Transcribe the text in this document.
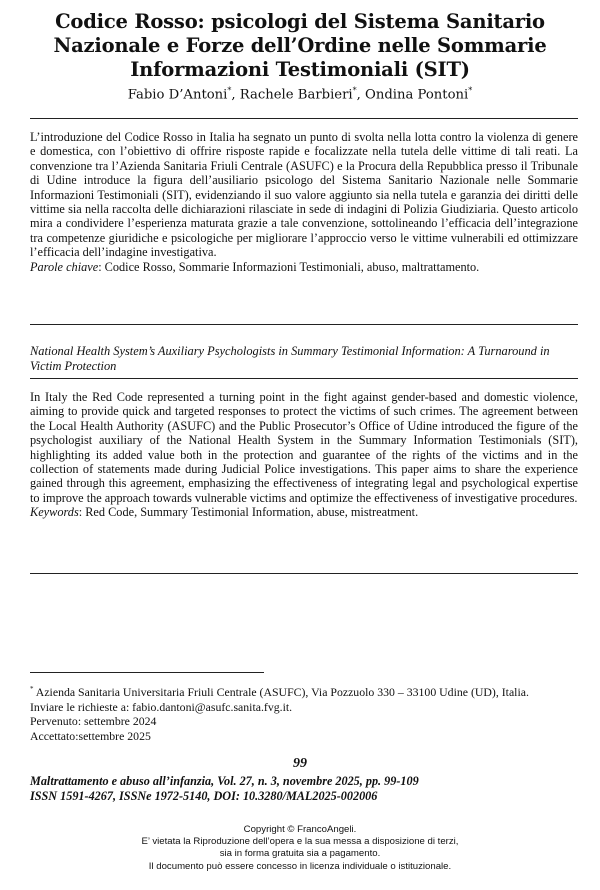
Codice Rosso: psicologi del Sistema Sanitario Nazionale e Forze dell’Ordine nelle Sommarie Informazioni Testimoniali (SIT)
Fabio D’Antoni*, Rachele Barbieri*, Ondina Pontoni*

L’introduzione del Codice Rosso in Italia ha segnato un punto di svolta nella lotta contro la violenza di genere e domestica, con l’obiettivo di offrire risposte rapide e focalizzate nella tutela delle vittime di tali reati. La convenzione tra l’Azienda Sanitaria Friuli Centrale (ASUFC) e la Procura della Repubblica presso il Tribunale di Udine introduce la figura dell’ausiliario psicologo del Sistema Sanitario Nazionale nelle Sommarie Informazioni Testimoniali (SIT), evidenziando il suo valore aggiunto sia nella tutela e garanzia dei diritti delle vittime sia nella raccolta delle dichiarazioni rilasciate in sede di indagini di Polizia Giudiziaria. Questo articolo mira a condividere l’esperienza maturata grazie a tale convenzione, sottolineando l’efficacia dell’integrazione tra competenze giuridiche e psicologiche per migliorare l’approccio verso le vittime vulnerabili ed ottimizzare l’efficacia dell’indagine investigativa.

Parole chiave: Codice Rosso, Sommarie Informazioni Testimoniali, abuso, maltrattamento.

National Health System’s Auxiliary Psychologists in Summary Testimonial Information: A Turnaround in Victim Protection

In Italy the Red Code represented a turning point in the fight against gender-based and domestic violence, aiming to provide quick and targeted responses to protect the victims of such crimes. The agreement between the Local Health Authority (ASUFC) and the Public Prosecutor’s Office of Udine introduced the figure of the psychologist auxiliary of the National Health System in the Summary Information Testimonials (SIT), highlighting its added value both in the protection and guarantee of the rights of the victims and in the collection of statements made during Judicial Police investigations. This paper aims to share the experience gained through this agreement, emphasizing the effectiveness of integrating legal and psychological expertise to improve the approach towards vulnerable victims and optimize the effectiveness of investigative procedures.

Keywords: Red Code, Summary Testimonial Information, abuse, mistreatment.

* Azienda Sanitaria Universitaria Friuli Centrale (ASUFC), Via Pozzuolo 330 – 33100 Udine (UD), Italia.

Inviare le richieste a: fabio.dantoni@asufc.sanita.fvg.it.

Pervenuto: settembre 2024

Accettato:settembre 2025

99

Maltrattamento e abuso all’infanzia, Vol. 27, n. 3, novembre 2025, pp. 99-109

ISSN 1591-4267, ISSNe 1972-5140, DOI: 10.3280/MAL2025-002006

Copyright © FrancoAngeli.

E’ vietata la Riproduzione dell’opera e la sua messa a disposizione di terzi,

sia in forma gratuita sia a pagamento.

Il documento può essere concesso in licenza individuale o istituzionale.
